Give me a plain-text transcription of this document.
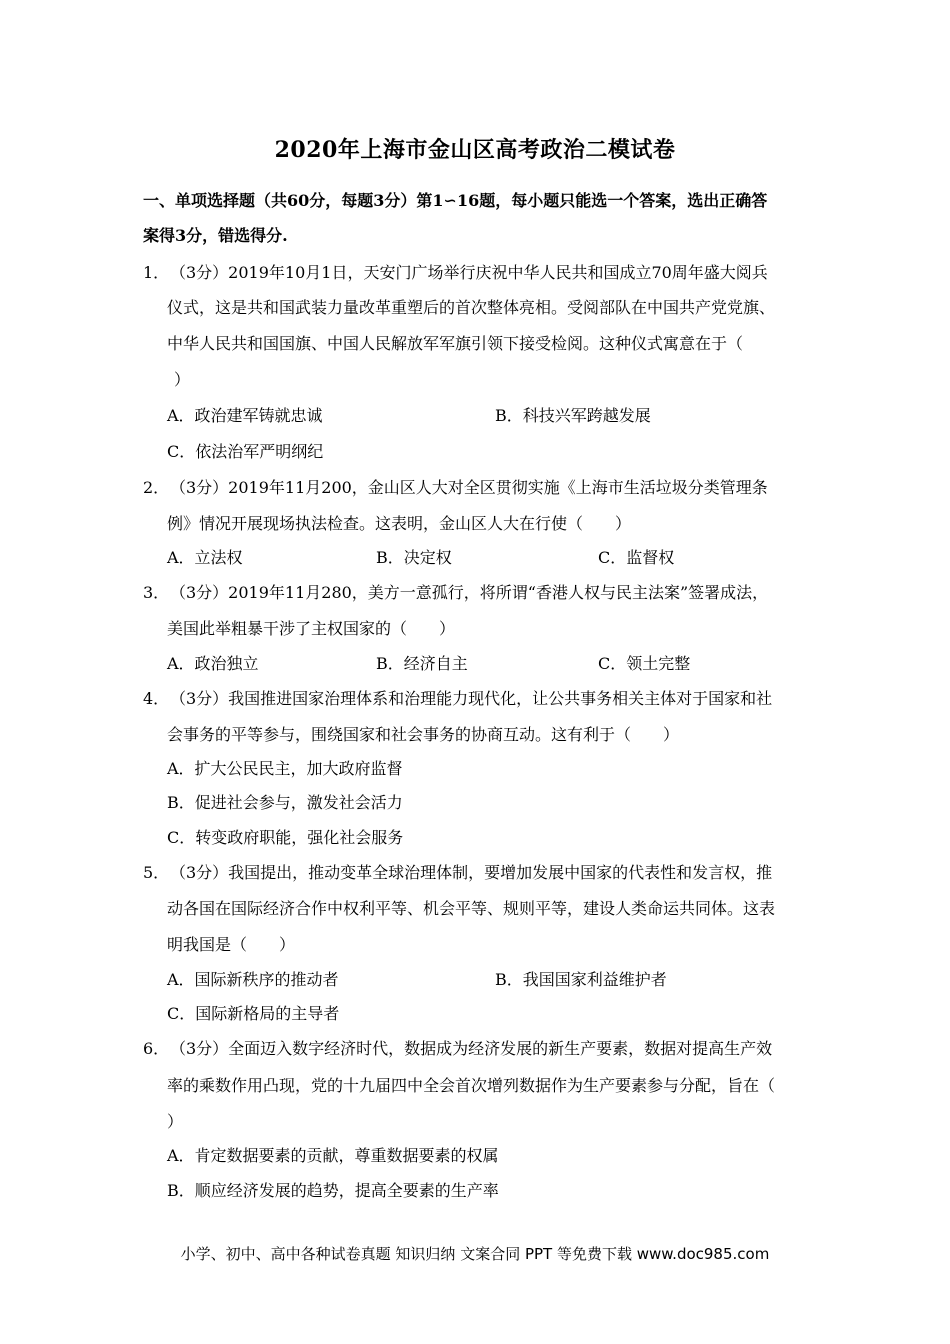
2020年上海市金山区高考政治二模试卷
一、单项选择题（共60分，每题3分）第1∽16题，每小题只能选一个答案，选出正确答
案得3分，错选得分.
1． （3分）2019年10月1日，天安门广场举行庆祝中华人民共和国成立70周年盛大阅兵
仪式，这是共和国武装力量改革重塑后的首次整体亮相。受阅部队在中国共产党党旗、
中华人民共和国国旗、中国人民解放军军旗引领下接受检阅。这种仪式寓意在于（
）
A．政治建军铸就忠诚	B．科技兴军跨越发展
C．依法治军严明纲纪
2． （3分）2019年11月200，金山区人大对全区贯彻实施《上海市生活垃圾分类管理条
例》情况开展现场执法检查。这表明，金山区人大在行使（　　）
A．立法权	B．决定权	C．监督权
3． （3分）2019年11月280，美方一意孤行，将所谓“香港人权与民主法案”签署成法，
美国此举粗暴干涉了主权国家的（　　）
A．政治独立	B．经济自主	C．领土完整
4． （3分）我国推进国家治理体系和治理能力现代化，让公共事务相关主体对于国家和社
会事务的平等参与，围绕国家和社会事务的协商互动。这有利于（　　）
A．扩大公民民主，加大政府监督
B．促进社会参与，激发社会活力
C．转变政府职能，强化社会服务
5． （3分）我国提出，推动变革全球治理体制，要增加发展中国家的代表性和发言权，推
动各国在国际经济合作中权利平等、机会平等、规则平等，建设人类命运共同体。这表
明我国是（　　）
A．国际新秩序的推动者	B．我国国家利益维护者
C．国际新格局的主导者
6． （3分）全面迈入数字经济时代，数据成为经济发展的新生产要素，数据对提高生产效
率的乘数作用凸现，党的十九届四中全会首次增列数据作为生产要素参与分配，旨在（
）
A．肯定数据要素的贡献，尊重数据要素的权属
B．顺应经济发展的趋势，提高全要素的生产率
小学、初中、高中各种试卷真题 知识归纳 文案合同 PPT 等免费下载 www.doc985.com
